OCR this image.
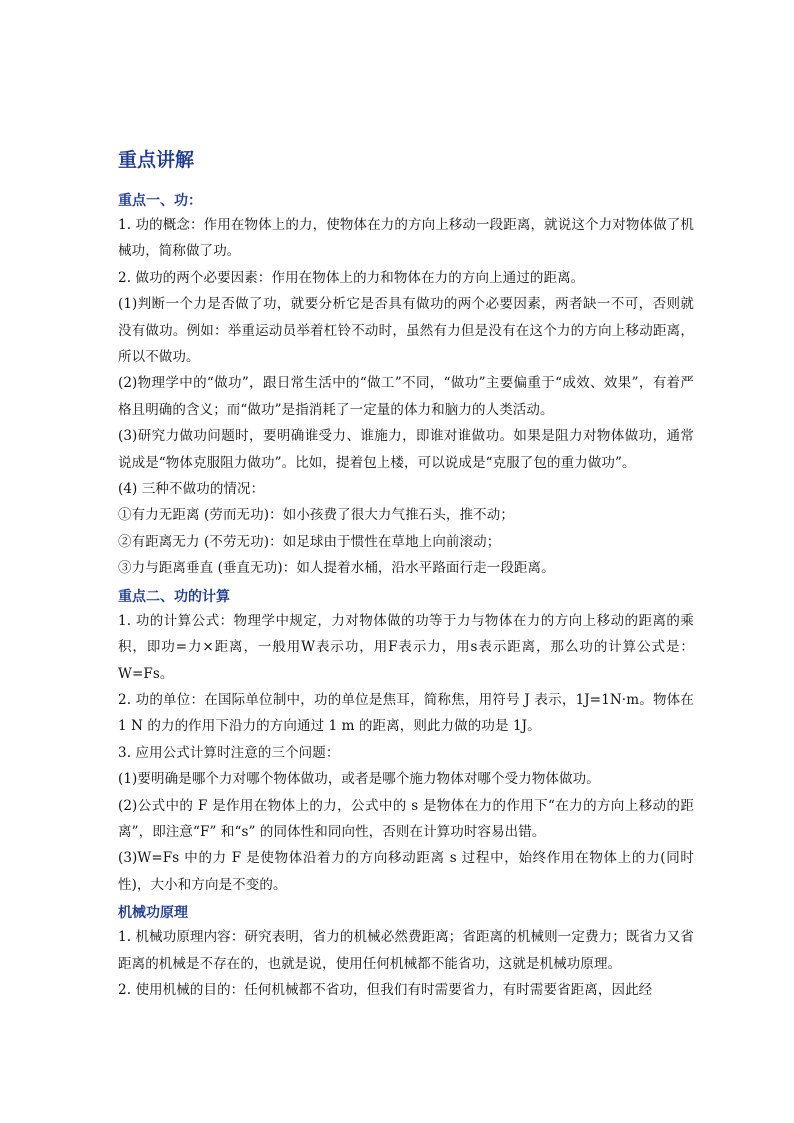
重点讲解
重点一、功：

1. 功的概念：作用在物体上的力，使物体在力的方向上移动一段距离，就说这个力对物体做了机械功，简称做了功。

2. 做功的两个必要因素：作用在物体上的力和物体在力的方向上通过的距离。

(1)判断一个力是否做了功，就要分析它是否具有做功的两个必要因素，两者缺一不可，否则就没有做功。例如：举重运动员举着杠铃不动时，虽然有力但是没有在这个力的方向上移动距离，所以不做功。

(2)物理学中的“做功”，跟日常生活中的“做工”不同，“做功”主要偏重于“成效、效果”，有着严格且明确的含义；而“做功”是指消耗了一定量的体力和脑力的人类活动。

(3)研究力做功问题时，要明确谁受力、谁施力，即谁对谁做功。如果是阻力对物体做功，通常说成是“物体克服阻力做功”。比如，提着包上楼，可以说成是“克服了包的重力做功”。

(4) 三种不做功的情况：

①有力无距离 (劳而无功)：如小孩费了很大力气推石头，推不动；

②有距离无力 (不劳无功)：如足球由于惯性在草地上向前滚动；

③力与距离垂直 (垂直无功)：如人提着水桶，沿水平路面行走一段距离。

重点二、功的计算

1. 功的计算公式：物理学中规定，力对物体做的功等于力与物体在力的方向上移动的距离的乘积，即功=力×距离，一般用W表示功，用F表示力，用s表示距离，那么功的计算公式是：W=Fs。

2. 功的单位：在国际单位制中，功的单位是焦耳，简称焦，用符号 J 表示，1J=1N·m。物体在 1 N 的力的作用下沿力的方向通过 1 m 的距离，则此力做的功是 1J。

3. 应用公式计算时注意的三个问题：

(1)要明确是哪个力对哪个物体做功，或者是哪个施力物体对哪个受力物体做功。

(2)公式中的 F 是作用在物体上的力，公式中的 s 是物体在力的作用下“在力的方向上移动的距离”，即注意“F” 和“s” 的同体性和同向性，否则在计算功时容易出错。

(3)W=Fs 中的力 F 是使物体沿着力的方向移动距离 s 过程中，始终作用在物体上的力(同时性)，大小和方向是不变的。

机械功原理

1. 机械功原理内容：研究表明，省力的机械必然费距离；省距离的机械则一定费力；既省力又省距离的机械是不存在的，也就是说，使用任何机械都不能省功，这就是机械功原理。

2. 使用机械的目的：任何机械都不省功，但我们有时需要省力，有时需要省距离，因此经
